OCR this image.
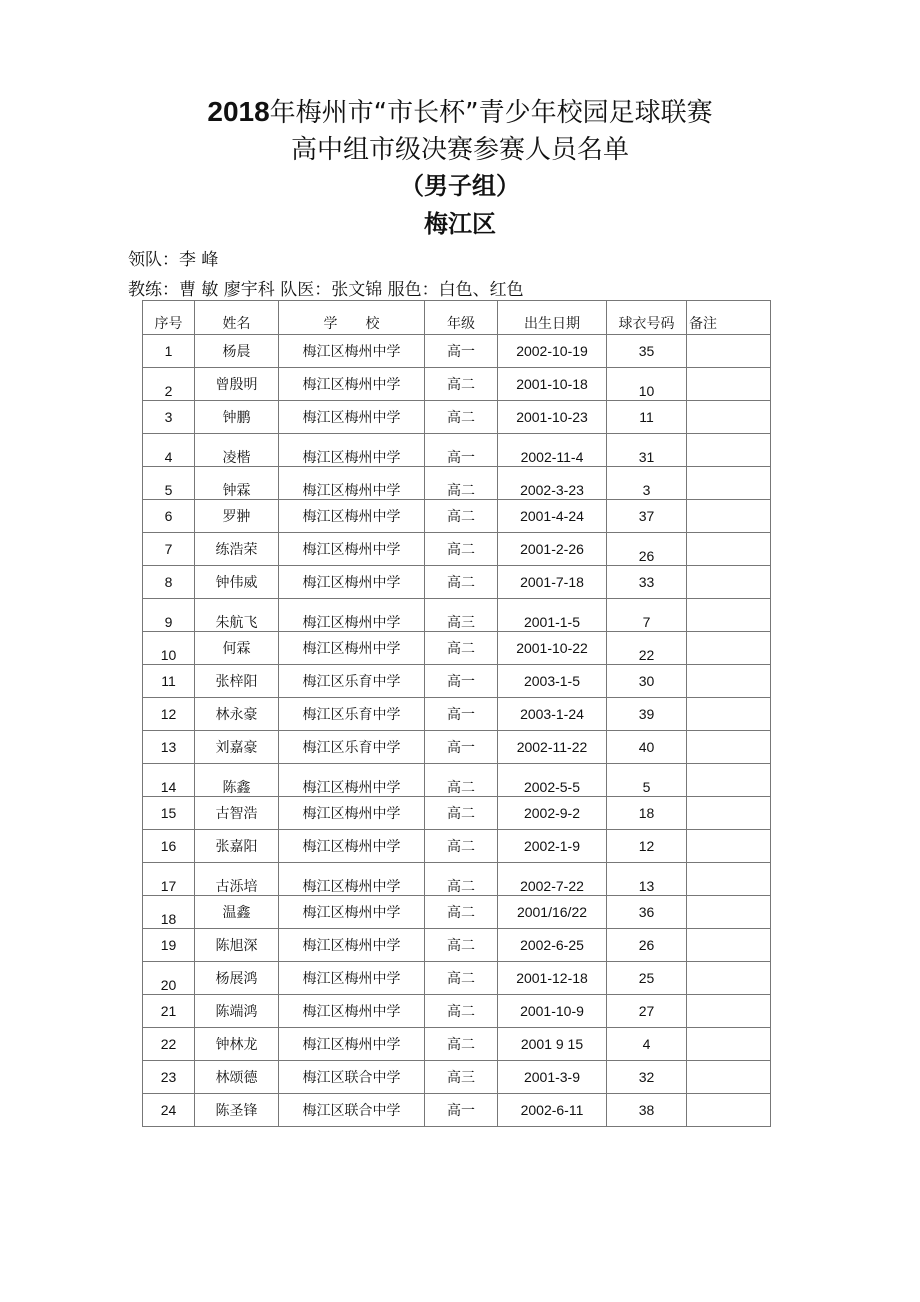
2018年梅州市“市长杯”青少年校园足球联赛
高中组市级决赛参赛人员名单
（男子组）
梅江区
领队：李 峰
教练：曹 敏 廖宇科 队医：张文锦 服色：白色、红色
序号	姓名	学　　校	年级	出生日期	球衣号码	备注
1	杨晨	梅江区梅州中学	高一	2002-10-19	35	

2	曾殷明	梅江区梅州中学	高二	2001-10-18	10	

3	钟鹏	梅江区梅州中学	高二	2001-10-23	11	

4	凌楷	梅江区梅州中学	高一	2002-11-4	31	

5	钟霖	梅江区梅州中学	高二	2002-3-23	3	

6	罗翀	梅江区梅州中学	高二	2001-4-24	37	
7	练浩荣	梅江区梅州中学	高二	2001-2-26	26	

8	钟伟威	梅江区梅州中学	高二	2001-7-18	33	

9	朱航飞	梅江区梅州中学	高三	2001-1-5	7	

10	何霖	梅江区梅州中学	高二	2001-10-22	22	

11	张梓阳	梅江区乐育中学	高一	2003-1-5	30	
12	林永豪	梅江区乐育中学	高一	2003-1-24	39	
13	刘嘉豪	梅江区乐育中学	高一	2002-11-22	40	

14	陈鑫	梅江区梅州中学	高二	2002-5-5	5	

15	古智浩	梅江区梅州中学	高二	2002-9-2	18	
16	张嘉阳	梅江区梅州中学	高二	2002-1-9	12	

17	古泺培	梅江区梅州中学	高二	2002-7-22	13	

18	温鑫	梅江区梅州中学	高二	2001/16/22	36	
19	陈旭深	梅江区梅州中学	高二	2002-6-25	26	

20	杨展鸿	梅江区梅州中学	高二	2001-12-18	25	
21	陈端鸿	梅江区梅州中学	高二	2001-10-9	27	
22	钟林龙	梅江区梅州中学	高二	2001 9 15	4	
23	林颂德	梅江区联合中学	高三	2001-3-9	32	
24	陈圣锋	梅江区联合中学	高一	2002-6-11	38	
